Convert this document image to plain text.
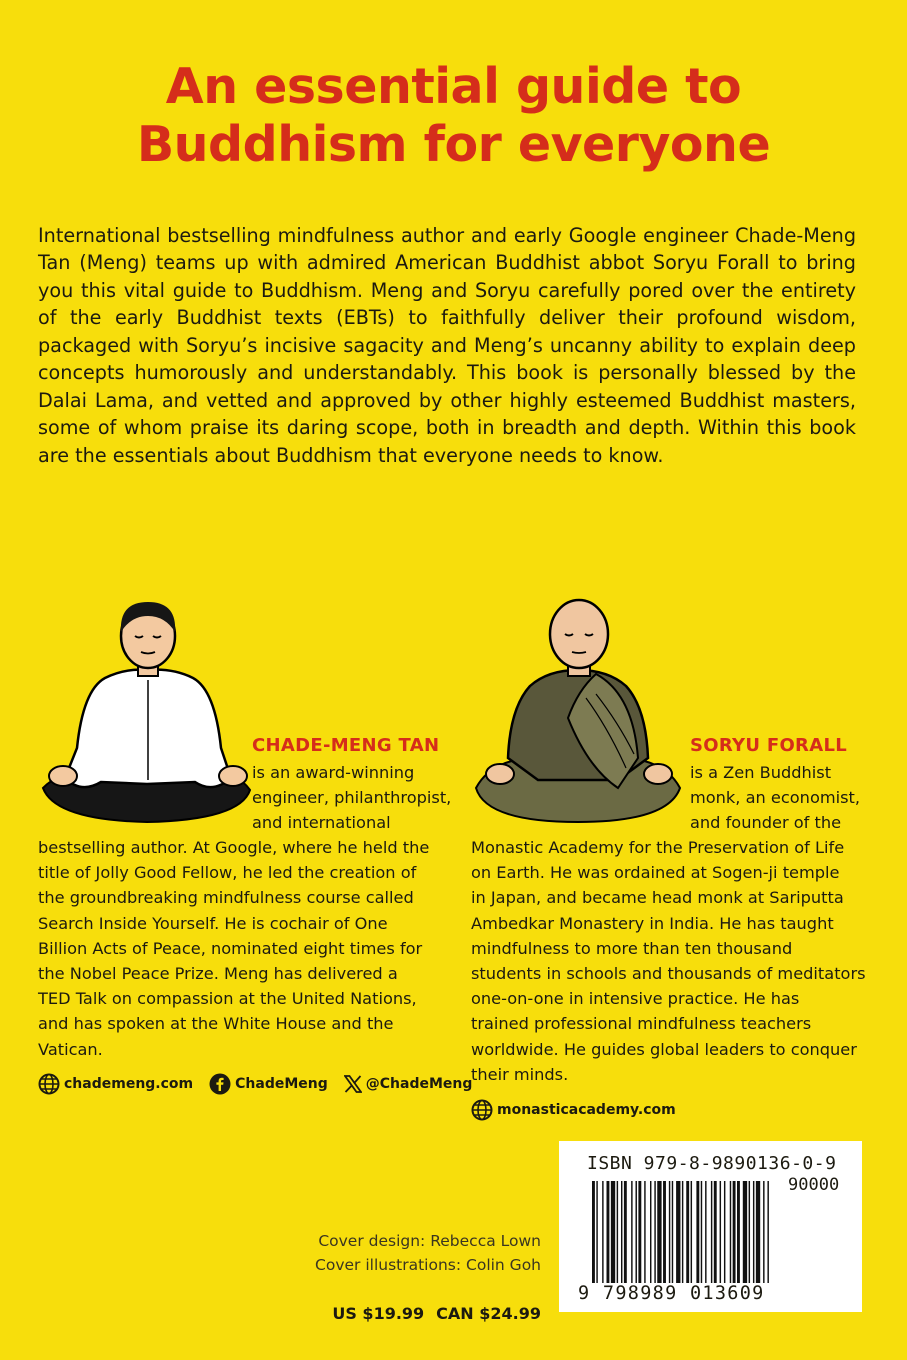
An essential guide to
Buddhism for everyone

International bestselling mindfulness author and early Google engineer Chade-Meng Tan (Meng) teams up with admired American Buddhist abbot Soryu Forall to bring you this vital guide to Buddhism. Meng and Soryu carefully pored over the entirety of the early Buddhist texts (EBTs) to faithfully deliver their profound wisdom, packaged with Soryu’s incisive sagacity and Meng’s uncanny ability to explain deep concepts humorously and understandably. This book is personally blessed by the Dalai Lama, and vetted and approved by other highly esteemed Buddhist masters, some of whom praise its daring scope, both in breadth and depth. Within this book are the essentials about Buddhism that everyone needs to know.

CHADE-MENG TAN
is an award-winning
engineer, philanthropist,
and international
bestselling author. At Google, where he held the
title of Jolly Good Fellow, he led the creation of
the groundbreaking mindfulness course called
Search Inside Yourself. He is cochair of One
Billion Acts of Peace, nominated eight times for
the Nobel Peace Prize. Meng has delivered a
TED Talk on compassion at the United Nations,
and has spoken at the White House and the
Vatican.
chademeng.com	ChadeMeng	@ChadeMeng
SORYU FORALL
is a Zen Buddhist
monk, an economist,
and founder of the
Monastic Academy for the Preservation of Life
on Earth. He was ordained at Sogen-ji temple
in Japan, and became head monk at Sariputta
Ambedkar Monastery in India. He has taught
mindfulness to more than ten thousand
students in schools and thousands of meditators
one-on-one in intensive practice. He has
trained professional mindfulness teachers
worldwide. He guides global leaders to conquer
their minds.
monasticacademy.com
Cover design: Rebecca Lown
Cover illustrations: Colin Goh
US $19.99 CAN $24.99
ISBN 979-8-9890136-0-9
90000
9 798989 013609
